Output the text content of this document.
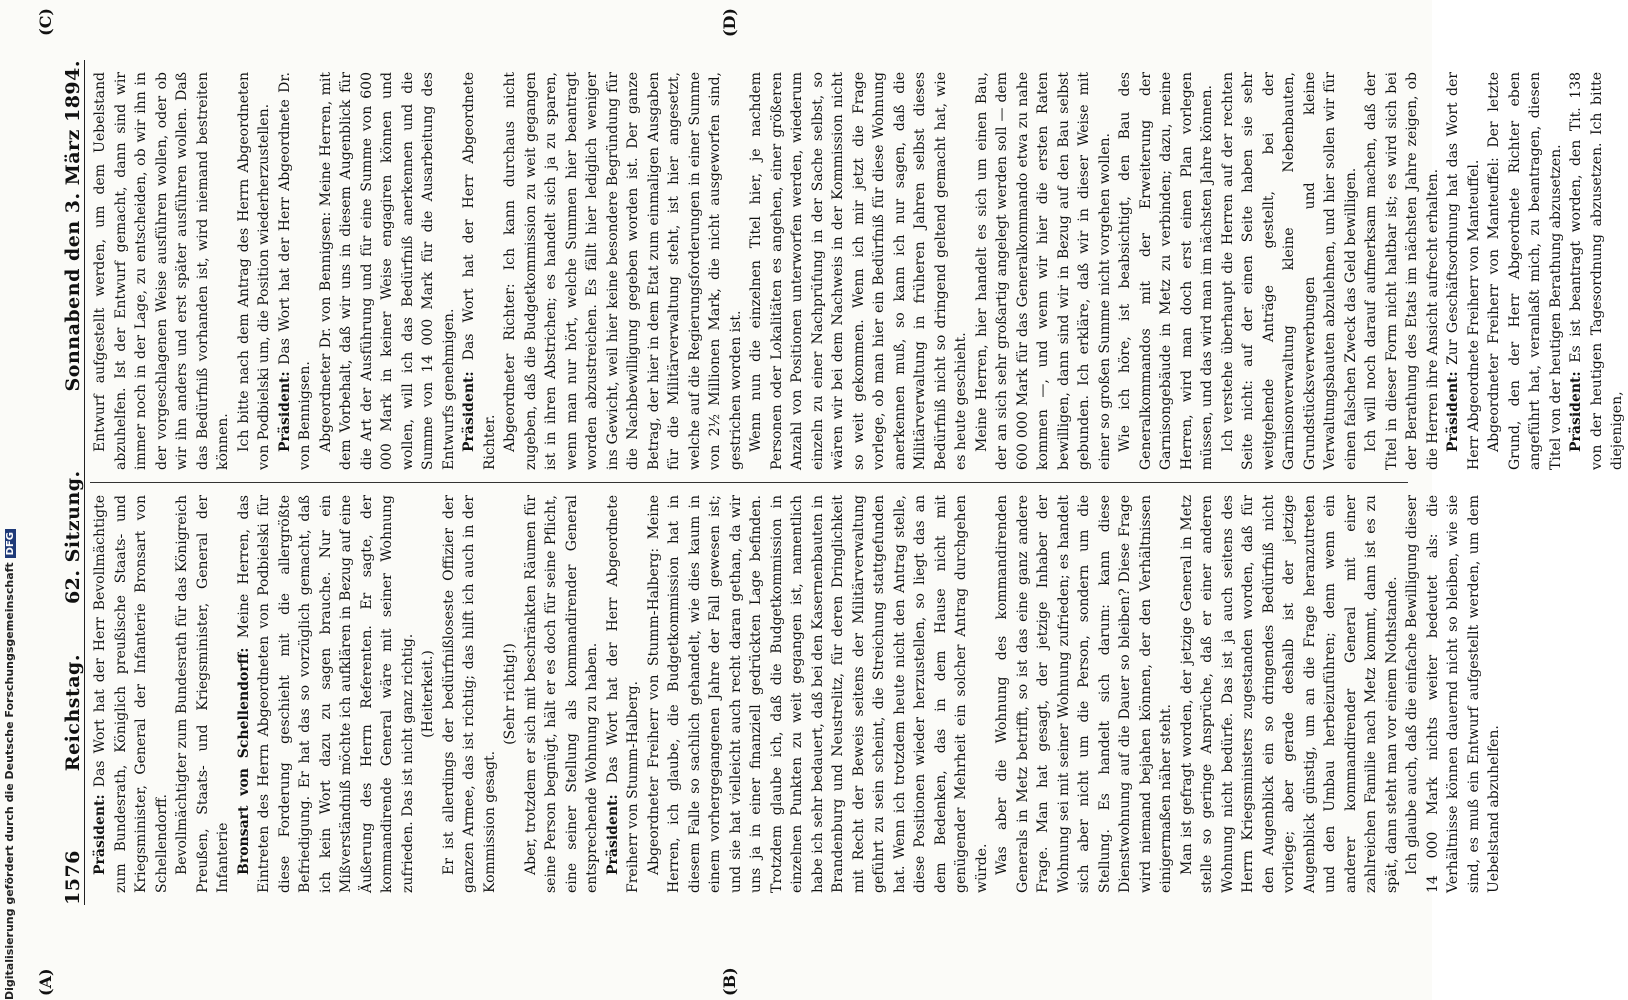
1576
Reichstag.
62. Sitzung.
Sonnabend den 3. März 1894.
(A)	(B)
(C)	(D)

Präsident: Das Wort hat der Herr Bevollmächtigte zum Bundesrath, Königlich preußische Staats- und Kriegsminister, General der Infanterie Bronsart von Schellendorff. Bevollmächtigter zum Bundesrath für das Königreich Preußen, Staats- und Kriegsminister, General der Infanterie Bronsart von Schellendorff: Meine Herren, das Eintreten des Herrn Abgeordneten von Podbielski für diese Forderung geschieht mit die allergrößte Befriedigung. Er hat das so vorzüglich gemacht, daß ich kein Wort dazu zu sagen brauche. Nur ein Mißverständniß möchte ich aufklären in Bezug auf eine Äußerung des Herrn Referenten. Er sagte, der kommandirende General wäre mit seiner Wohnung zufrieden. Das ist nicht ganz richtig. (Heiterkeit.) Er ist allerdings der bedürfnißloseste Offizier der ganzen Armee, das ist richtig; das hilft ich auch in der Kommission gesagt.

(Sehr richtig!) Aber, trotzdem er sich mit beschränkten Räumen für seine Person begnügt, hält er es doch für seine Pflicht, eine seiner Stellung als kommandirender General entsprechende Wohnung zu haben. Präsident: Das Wort hat der Herr Abgeordnete Freiherr von Stumm-Halberg. Abgeordneter Freiherr von Stumm-Halberg: Meine Herren, ich glaube, die Budgetkommission hat in diesem Falle so sachlich gehandelt, wie dies kaum in einem vorhergegangenen Jahre der Fall gewesen ist; und sie hat vielleicht auch recht daran gethan, da wir uns ja in einer finanziell gedrückten Lage befinden. Trotzdem glaube ich, daß die Budgetkommission in einzelnen Punkten zu weit gegangen ist, namentlich habe ich sehr bedauert, daß bei den Kasernenbauten in Brandenburg und Neustrelitz, für deren Dringlichkeit mit Recht der Beweis seitens der Militärverwaltung geführt zu sein scheint, die Streichung stattgefunden hat. Wenn ich trotzdem heute nicht den Antrag stelle, diese Positionen wieder herzustellen, so liegt das an dem Bedenken, das in dem Hause nicht mit genügender Mehrheit ein solcher Antrag durchgehen würde. Was aber die Wohnung des kommandirenden Generals in Metz betrifft, so ist das eine ganz andere Frage. Man hat gesagt, der jetzige Inhaber der Wohnung sei mit seiner Wohnung zufrieden; es handelt sich aber nicht um die Person, sondern um die Stellung. Es handelt sich darum: kann diese Dienstwohnung auf die Dauer so bleiben? Diese Frage wird niemand bejahen können, der den Verhältnissen einigermaßen näher steht. Man ist gefragt worden, der jetzige General in Metz stelle so geringe Ansprüche, daß er einer anderen Wohnung nicht bedürfe. Das ist ja auch seitens des Herrn Kriegsministers zugestanden worden, daß für den Augenblick ein so dringendes Bedürfniß nicht vorliege; aber gerade deshalb ist der jetzige Augenblick günstig, um an die Frage heranzutreten und den Umbau herbeizuführen; denn wenn ein anderer kommandirender General mit einer zahlreichen Familie nach Metz kommt, dann ist es zu spät, dann steht man vor einem Nothstande. Ich glaube auch, daß die einfache Bewilligung dieser 14 000 Mark nichts weiter bedeutet als: die Verhältnisse können dauernd nicht so bleiben, wie sie sind, es muß ein Entwurf aufgestellt werden, um dem Uebelstand abzuhelfen.

Entwurf aufgestellt werden, um dem Uebelstand abzuhelfen. Ist der Entwurf gemacht, dann sind wir immer noch in der Lage, zu entscheiden, ob wir ihn in der vorgeschlagenen Weise ausführen wollen, oder ob wir ihn anders und erst später ausführen wollen. Daß das Bedürfniß vorhanden ist, wird niemand bestreiten können. Ich bitte nach dem Antrag des Herrn Abgeordneten von Podbielski um, die Position wiederherzustellen. Präsident: Das Wort hat der Herr Abgeordnete Dr. von Bennigsen. Abgeordneter Dr. von Bennigsen: Meine Herren, mit dem Vorbehalt, daß wir uns in diesem Augenblick für die Art der Ausführung und für eine Summe von 600 000 Mark in keiner Weise engagiren können und wollen, will ich das Bedürfniß anerkennen und die Summe von 14 000 Mark für die Ausarbeitung des Entwurfs genehmigen. Präsident: Das Wort hat der Herr Abgeordnete Richter. Abgeordneter Richter: Ich kann durchaus nicht zugeben, daß die Budgetkommission zu weit gegangen ist in ihren Abstrichen; es handelt sich ja zu sparen, wenn man nur hört, welche Summen hier beantragt worden abzustreichen. Es fällt hier lediglich weniger ins Gewicht, weil hier keine besondere Begründung für die Nachbewilligung gegeben worden ist. Der ganze Betrag, der hier in dem Etat zum einmaligen Ausgaben für die Militärverwaltung steht, ist hier angesetzt, welche auf die Regierungsforderungen in einer Summe von 2½ Millionen Mark, die nicht ausgeworfen sind, gestrichen worden ist. Wenn nun die einzelnen Titel hier, je nachdem Personen oder Lokalitäten es angehen, einer größeren Anzahl von Positionen unterworfen werden, wiederum einzeln zu einer Nachprüfung in der Sache selbst, so wären wir bei dem Nachweis in der Kommission nicht so weit gekommen. Wenn ich mir jetzt die Frage vorlege, ob man hier ein Bedürfniß für diese Wohnung anerkennen muß, so kann ich nur sagen, daß die Militärverwaltung in früheren Jahren selbst dieses Bedürfniß nicht so dringend geltend gemacht hat, wie es heute geschieht. Meine Herren, hier handelt es sich um einen Bau, der an sich sehr großartig angelegt werden soll — dem 600 000 Mark für das Generalkommando etwa zu nahe kommen —, und wenn wir hier die ersten Raten bewilligen, dann sind wir in Bezug auf den Bau selbst gebunden. Ich erkläre, daß wir in dieser Weise mit einer so großen Summe nicht vorgehen wollen. Wie ich höre, ist beabsichtigt, den Bau des Generalkommandos mit der Erweiterung der Garnisongebäude in Metz zu verbinden; dazu, meine Herren, wird man doch erst einen Plan vorlegen müssen, und das wird man im nächsten Jahre können. Ich verstehe überhaupt die Herren auf der rechten Seite nicht: auf der einen Seite haben sie sehr weitgehende Anträge gestellt, bei der Garnisonverwaltung kleine Nebenbauten, Grundstücksverwerbungen und kleine Verwaltungsbauten abzulehnen, und hier sollen wir für einen falschen Zweck das Geld bewilligen. Ich will noch darauf aufmerksam machen, daß der Titel in dieser Form nicht haltbar ist; es wird sich bei der Berathung des Etats im nächsten Jahre zeigen, ob die Herren ihre Ansicht aufrecht erhalten. Präsident: Zur Geschäftsordnung hat das Wort der Herr Abgeordnete Freiherr von Manteuffel. Abgeordneter Freiherr von Manteuffel: Der letzte Grund, den der Herr Abgeordnete Richter eben angeführt hat, veranlaßt mich, zu beantragen, diesen Titel von der heutigen Berathung abzusetzen. Präsident: Es ist beantragt worden, den Tit. 138 von der heutigen Tagesordnung abzusetzen. Ich bitte diejenigen,

Digitalisierung gefördert durch die Deutsche ForschungsgemeinschaftDFG
